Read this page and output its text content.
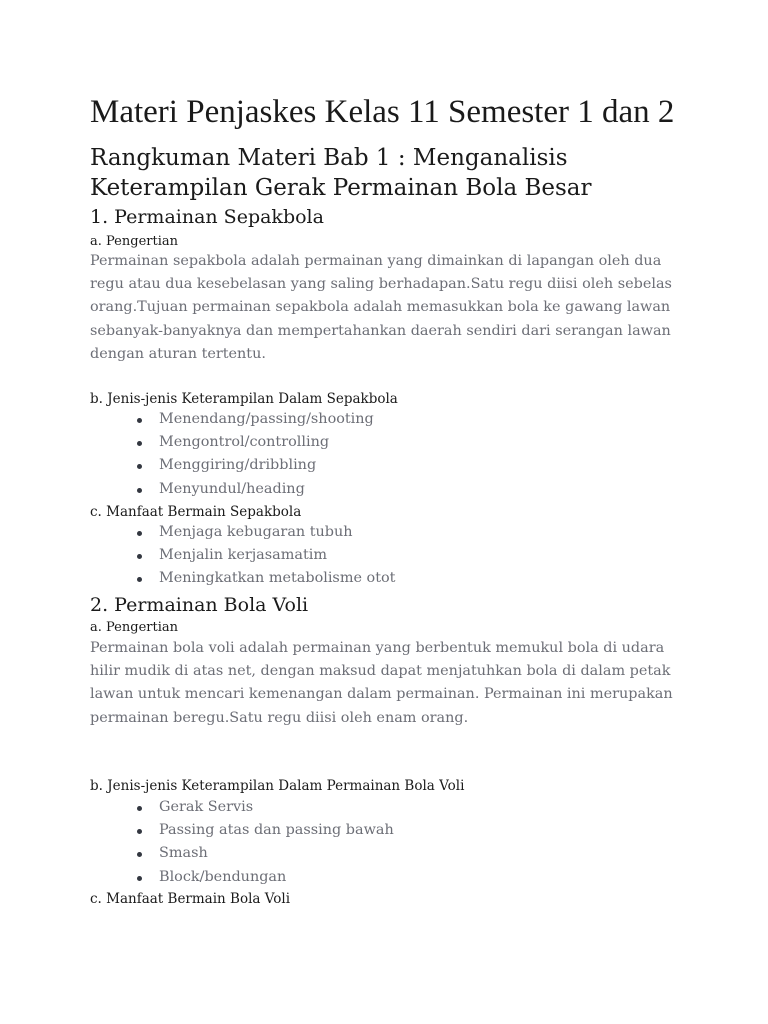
Materi Penjaskes Kelas 11 Semester 1 dan 2
Rangkuman Materi Bab 1 : Menganalisis Keterampilan Gerak Permainan Bola Besar
1. Permainan Sepakbola
a. Pengertian

Permainan sepakbola adalah permainan yang dimainkan di lapangan oleh dua regu atau dua kesebelasan yang saling berhadapan.Satu regu diisi oleh sebelas orang.Tujuan permainan sepakbola adalah memasukkan bola ke gawang lawan sebanyak-banyaknya dan mempertahankan daerah sendiri dari serangan lawan dengan aturan tertentu.

b. Jenis-jenis Keterampilan Dalam Sepakbola
Menendang/passing/shooting
Mengontrol/controlling
Menggiring/dribbling
Menyundul/heading
c. Manfaat Bermain Sepakbola
Menjaga kebugaran tubuh
Menjalin kerjasamatim
Meningkatkan metabolisme otot
2. Permainan Bola Voli
a. Pengertian

Permainan bola voli adalah permainan yang berbentuk memukul bola di udara hilir mudik di atas net, dengan maksud dapat menjatuhkan bola di dalam petak lawan untuk mencari kemenangan dalam permainan. Permainan ini merupakan permainan beregu.Satu regu diisi oleh enam orang.

b. Jenis-jenis Keterampilan Dalam Permainan Bola Voli
Gerak Servis
Passing atas dan passing bawah
Smash
Block/bendungan
c. Manfaat Bermain Bola Voli
